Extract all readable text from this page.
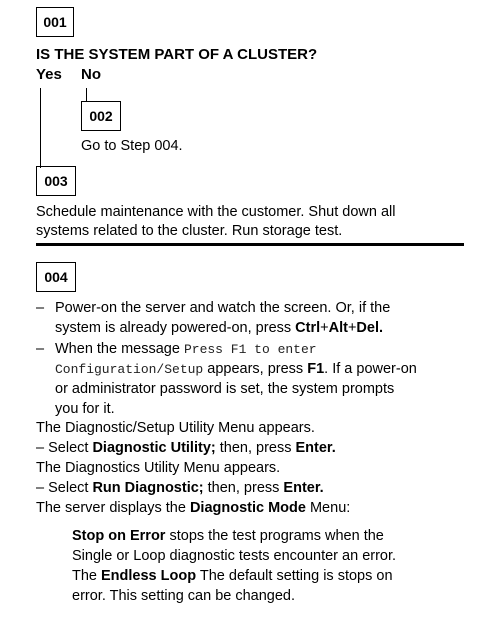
001
IS THE SYSTEM PART OF A CLUSTER?
Yes No
002
Go to Step 004.
003
Schedule maintenance with the customer. Shut down all
systems related to the cluster. Run storage test.
004
– Power-on the server and watch the screen. Or, if the
system is already powered-on, press Ctrl+Alt+Del.
– When the message Press F1 to enter
Configuration/Setup appears, press F1. If a power-on
or administrator password is set, the system prompts
you for it.
The Diagnostic/Setup Utility Menu appears.
– Select Diagnostic Utility; then, press Enter.
The Diagnostics Utility Menu appears.
– Select Run Diagnostic; then, press Enter.
The server displays the Diagnostic Mode Menu:
Stop on Error stops the test programs when the
Single or Loop diagnostic tests encounter an error.
The Endless Loop The default setting is stops on
error. This setting can be changed.
